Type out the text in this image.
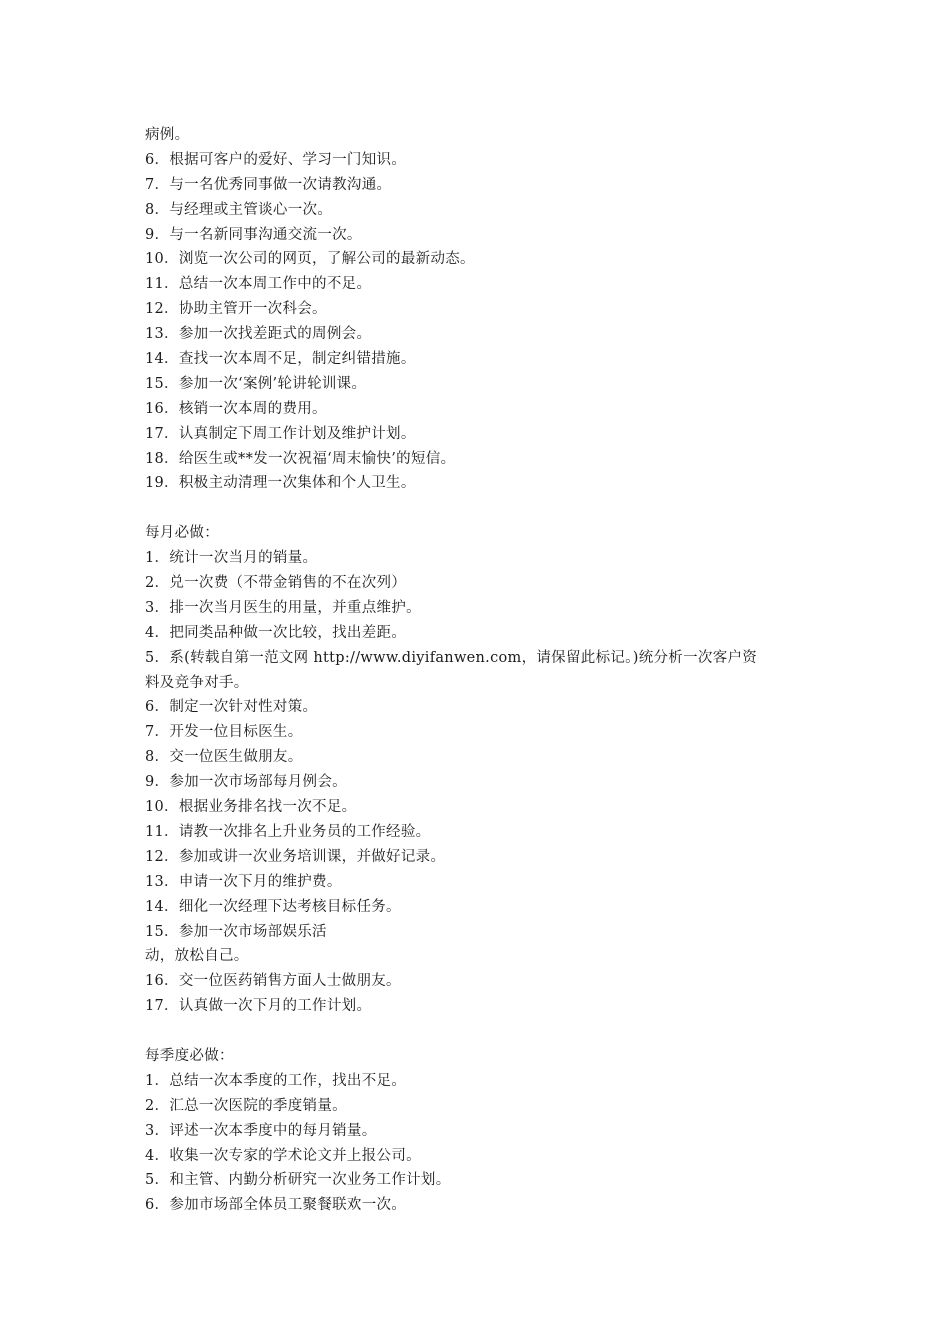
病例。
6．根据可客户的爱好、学习一门知识。
7．与一名优秀同事做一次请教沟通。
8．与经理或主管谈心一次。
9．与一名新同事沟通交流一次。
10．浏览一次公司的网页，了解公司的最新动态。
11．总结一次本周工作中的不足。
12．协助主管开一次科会。
13．参加一次找差距式的周例会。
14．查找一次本周不足，制定纠错措施。
15．参加一次‘案例’轮讲轮训课。
16．核销一次本周的费用。
17．认真制定下周工作计划及维护计划。
18．给医生或**发一次祝福‘周末愉快’的短信。
19．积极主动清理一次集体和个人卫生。
每月必做：
1．统计一次当月的销量。
2．兑一次费（不带金销售的不在次列）
3．排一次当月医生的用量，并重点维护。
4．把同类品种做一次比较，找出差距。
5．系(转载自第一范文网 http://www.diyifanwen.com，请保留此标记。)统分析一次客户资
料及竞争对手。
6．制定一次针对性对策。
7．开发一位目标医生。
8．交一位医生做朋友。
9．参加一次市场部每月例会。
10．根据业务排名找一次不足。
11．请教一次排名上升业务员的工作经验。
12．参加或讲一次业务培训课，并做好记录。
13．申请一次下月的维护费。
14．细化一次经理下达考核目标任务。
15．参加一次市场部娱乐活
动，放松自己。
16．交一位医药销售方面人士做朋友。
17．认真做一次下月的工作计划。
每季度必做：
1．总结一次本季度的工作，找出不足。
2．汇总一次医院的季度销量。
3．评述一次本季度中的每月销量。
4．收集一次专家的学术论文并上报公司。
5．和主管、内勤分析研究一次业务工作计划。
6．参加市场部全体员工聚餐联欢一次。
